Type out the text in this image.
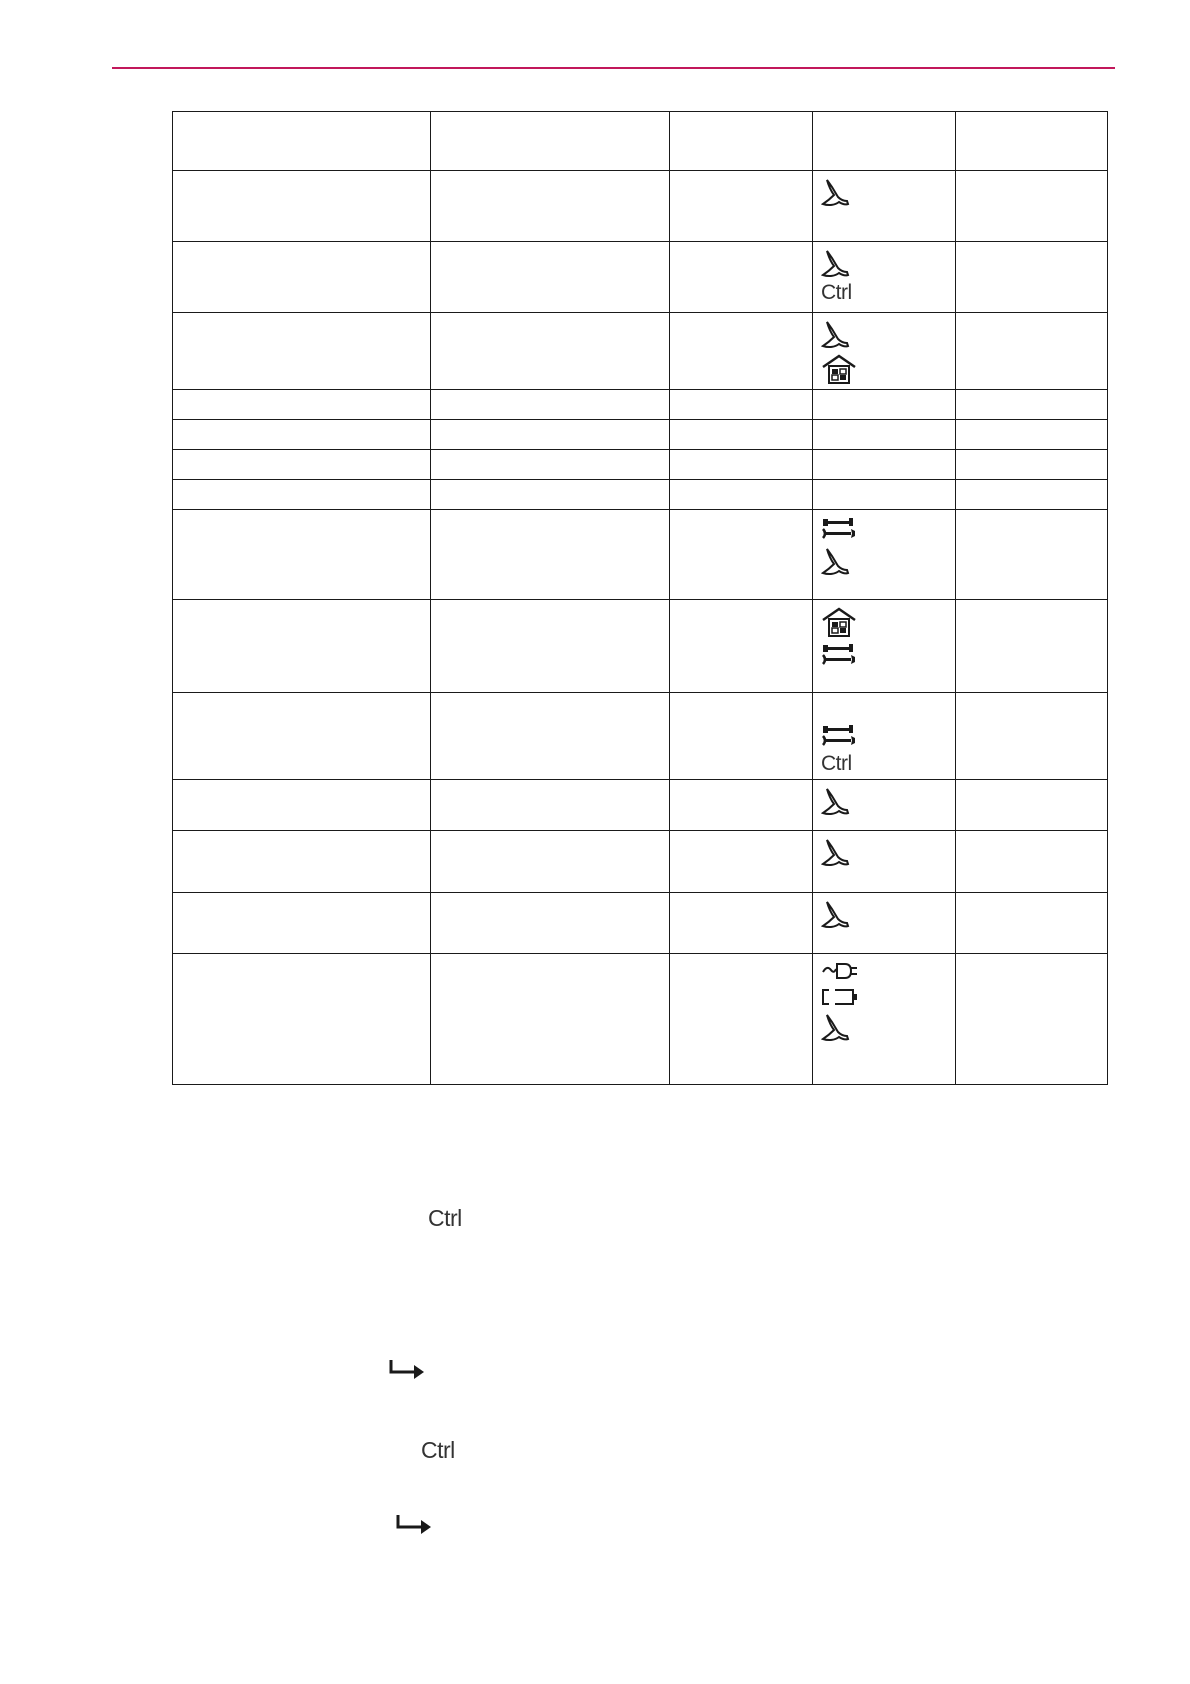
			Ctrl	

			Ctrl	

Ctrl
Ctrl
